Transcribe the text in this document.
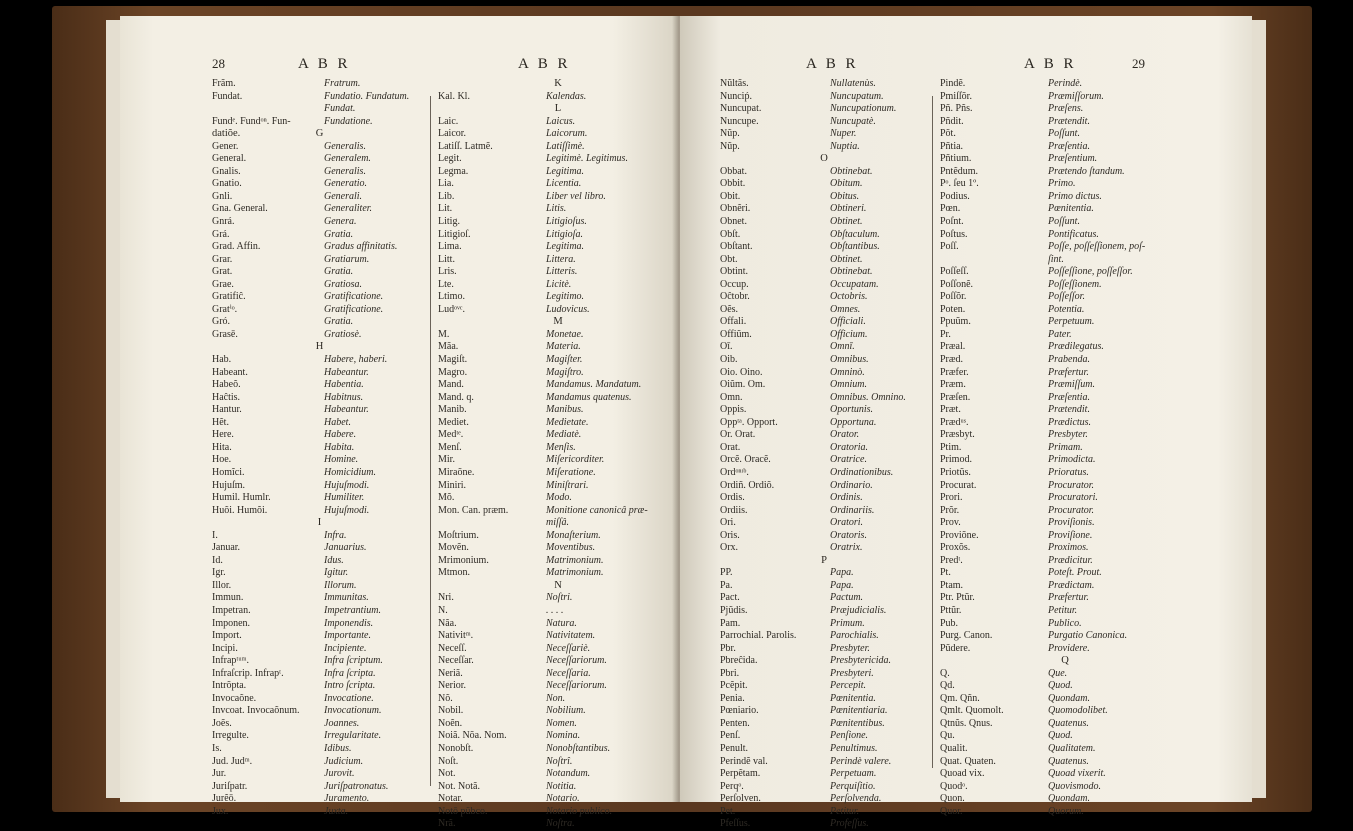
28	A B R	A B R
Frãm.	Fratrum.
Fundat.	Fundatio. Fundatum.
Fundat.
Fundᵉ. Fundᵒⁿ. Fun-	Fundatione.
datiõe.	G
Gener.	Generalis.
General.	Generalem.
Gnalis.	Generalis.
Gnatio.	Generatio.
Gnli.	Generali.
Gna. General.	Generaliter.
Gnrá.	Genera.
Grá.	Gratia.
Grad. Affin.	Gradus affinitatis.
Grar.	Gratiarum.
Grat.	Gratia.
Grae.	Gratiosa.
Gratifiĉ.	Gratificatione.
Gratⁱᵒ.	Gratificatione.
Gró.	Gratia.
Grasē.	Gratiosè.
H
Hab.	Habere, haberi.
Habeant.	Habeantur.
Habeõ.	Habentia.
Haĉtis.	Habitnus.
Hantur.	Habeantur.
Hẽt.	Habet.
Here.	Habere.
Hita.	Habita.
Hoe.	Homine.
Homĩci.	Homicidium.
Hujuſm.	Hujuſmodi.
Humil. Humlr.	Humiliter.
Huõi. Humõi.	Hujuſmodi.
I
I.	Infra.
Januar.	Januarius.
Id.	Idus.
Igr.	Igitur.
Illor.	Illorum.
Immun.	Immunitas.
Impetran.	Impetrantium.
Imponen.	Imponendis.
Import.	Importante.
Incipi.	Incipiente.
Infrapᵗᵘᵐ.	Infra ſcriptum.
Infraſcrip. Infrapᵗ.	Infra ſcripta.
Intrõpta.	Intro ſcripta.
Invocaõne.	Invocatione.
Invcoat. Invocaõnum.	Invocationum.
Joẽs.	Joannes.
Irregulte.	Irregularitate.
Is.	Idibus.
Jud. Judᵐ.	Judicium.
Jur.	Jurovit.
Juriſpatr.	Juriſpatronatus.
Jurẽō.	Juramento.
Jux.	Juxta.
K
Kal. Kl.	Kalendas.
L
Laic.	Laicus.
Laicor.	Laicorum.
Latiſſ. Latmẽ.	Latiſſimè.
Legit.	Legitimè. Legitimus.
Legma.	Legitima.
Lia.	Licentia.
Lib.	Liber vel libro.
Lit.	Litis.
Litig.	Litigioſus.
Litigioſ.	Litigioſa.
Lima.	Legitima.
Litt.	Littera.
Lris.	Litteris.
Lte.	Licitè.
Ltimo.	Legitimo.
Ludᵒᵛᶜ.	Ludovicus.
M
M.	Monetae.
Mãa.	Materia.
Magiſt.	Magiſter.
Magro.	Magiſtro.
Mand.	Mandamus. Mandatum.
Mand. q.	Mandamus quatenus.
Manib.	Manibus.
Mediet.	Medietate.
Medᵗᵉ.	Mediatè.
Menſ.	Menſis.
Mir.	Miſericorditer.
Miraõne.	Miſeratione.
Miniri.	Miniſtrari.
Mõ.	Modo.
Mon. Can. præm.	Monitione canonicâ præ-
miſſâ.
Moſtrium.	Monaſterium.
Movẽn.	Moventibus.
Mrimonium.	Matrimonium.
Mtmon.	Matrimonium.
N
Nri.	Noſtri.
N.	. . . .
Nãa.	Natura.
Nativitᵐ.	Nativitatem.
Neceſſ.	Neceſſariè.
Neceſſar.	Neceſſariorum.
Neriã.	Neceſſaria.
Nerior.	Neceſſariorum.
Nõ.	Non.
Nobil.	Nobilium.
Noẽn.	Nomen.
Noiã. Nõa. Nom.	Nomina.
Nonobſt.	Nonobſtantibus.
Noſt.	Noſtrî.
Not.	Notandum.
Not. Notã.	Notitia.
Notar.	Notario.
Notō pũbco.	Notario publico.
Nrã.	Noſtra.
A B R	A B R	29
Nũltãs.	Nullatenùs.
Nunciṕ.	Nuncupatum.
Nuncupat.	Nuncupationum.
Nuncupe.	Nuncupatè.
Nũp.	Nuper.
Nũp.	Nuptia.
O
Obbat.	Obtinebat.
Obbit.	Obitum.
Obit.	Obitus.
Obnẽri.	Obtineri.
Obnet.	Obtinet.
Obſt.	Obſtaculum.
Obſtant.	Obſtantibus.
Obt.	Obtinet.
Obtint.	Obtinebat.
Occup.	Occupatam.
Oĉtobr.	Octobris.
Oẽs.	Omnes.
Offali.	Officiali.
Offiũm.	Officium.
Oī.	Omnī.
Oib.	Omnibus.
Oio. Oino.	Omninò.
Oiũm. Om.	Omnium.
Omn.	Omnibus. Omnino.
Oppis.	Oportunis.
Oppᵗᵃ. Opport.	Opportuna.
Or. Orat.	Orator.
Orat.	Oratoria.
Orcẽ. Oracẽ.	Oratrice.
Ordᵒⁿᶦᵇ.	Ordinationibus.
Ordiñ. Ordiõ.	Ordinario.
Ordis.	Ordinis.
Ordiis.	Ordinariis.
Ori.	Oratori.
Oris.	Oratoris.
Orx.	Oratrix.
P
PP.	Papa.
Pa.	Papa.
Pact.	Pactum.
Pjũdis.	Præjudicialis.
Pam.	Primum.
Parrochial. Parolis.	Parochialis.
Pbr.	Presbyter.
Pbreĉida.	Presbytericida.
Pbri.	Presbyteri.
Pcẽpit.	Percepit.
Penia.	Pœnitentia.
Pœniario.	Pœnitentiaria.
Penten.	Pœnitentibus.
Penſ.	Penſione.
Penult.	Penultimus.
Perindẽ val.	Perindè valere.
Perpẽtam.	Perpetuam.
Perqᵒ.	Perquiſitio.
Perſolven.	Perſolvenda.
Pet.	Petitur.
Pfeſſus.	Profeſſus.
Pindẽ.	Perindè.
Pmiſſõr.	Præmiſſorum.
Pñ. Pñs.	Præſens.
Pñdit.	Prætendit.
Põt.	Poſſunt.
Pñtia.	Præſentia.
Pñtium.	Præſentium.
Pntẽdum.	Prætendo ſtandum.
Pᵒ. ſeu 1º.	Primo.
Podius.	Primo dictus.
Pœn.	Pœnitentia.
Poſnt.	Poſſunt.
Poſtus.	Pontificatus.
Poſſ.	Poſſe, poſſeſſionem, poſ-
ſint.
Poſſeſſ.	Poſſeſſione, poſſeſſor.
Poſſonẽ.	Poſſeſſionem.
Poſſõr.	Poſſeſſor.
Poten.	Potentia.
Ppuũm.	Perpetuum.
Pr.	Pater.
Præal.	Prædilegatus.
Præd.	Prabenda.
Præfer.	Præfertur.
Præm.	Præmiſſum.
Præſen.	Præſentia.
Præt.	Prætendit.
Prædᵘˢ.	Prædictus.
Præsbyt.	Presbyter.
Ptim.	Primam.
Primod.	Primodicta.
Priotũs.	Prioratus.
Procurat.	Procurator.
Prori.	Procuratori.
Prõr.	Procurator.
Prov.	Proviſionis.
Proviõne.	Proviſione.
Proxõs.	Proximos.
Predᵗ.	Prædicitur.
Pt.	Poteſt. Prout.
Ptam.	Prædictam.
Ptr. Ptũr.	Præfertur.
Pttũr.	Petitur.
Pub.	Publico.
Purg. Canon.	Purgatio Canonica.
Pũdere.	Providere.
Q
Q.	Que.
Qd.	Quod.
Qm. Qñn.	Quondam.
Qmlt. Quomolt.	Quomodolibet.
Qtnũs. Qnus.	Quatenus.
Qu.	Quod.
Qualit.	Qualitatem.
Quat. Quaten.	Quatenus.
Quoad vix.	Quoad vixerit.
Quodᵒ.	Quovismodo.
Quon.	Quondam.
Quor.	Quorum.
